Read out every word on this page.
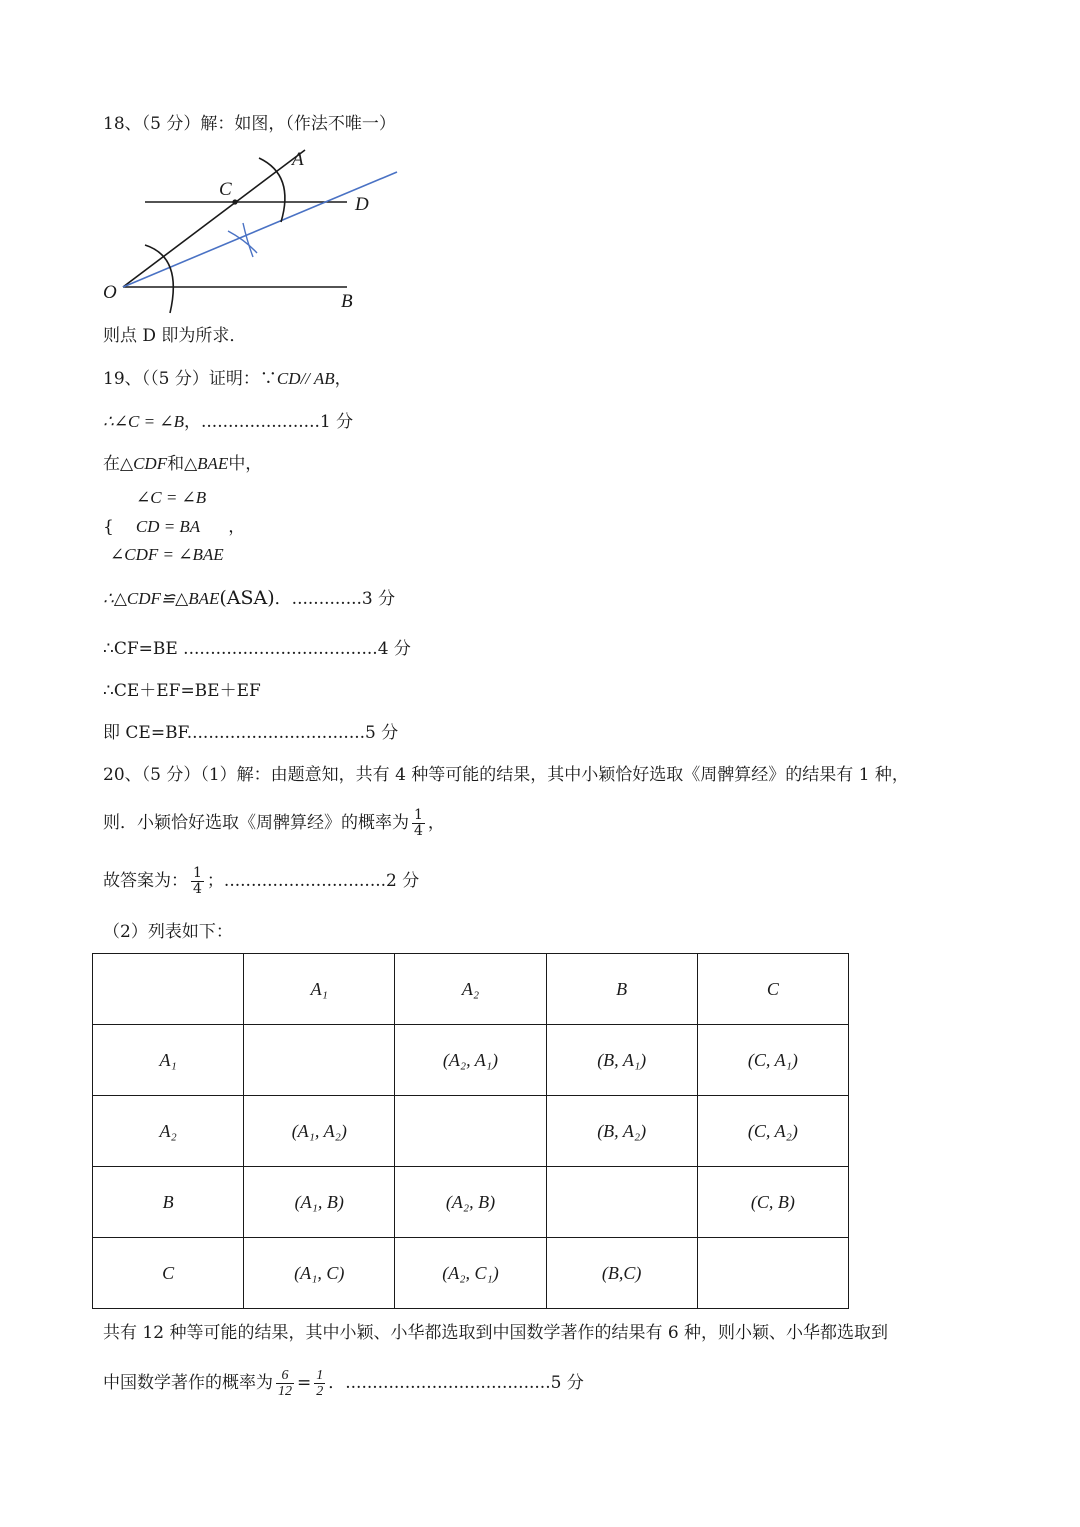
18、（5 分）解：如图，（作法不唯一）
A
C
D
O	B
则点 D 即为所求．
19、（（5 分）证明：∵CD// AB，
∴∠C = ∠B，......................1 分
在△CDF和△BAE中，
∠C = ∠B
{ CD = BA ，
∠CDF = ∠BAE
∴△CDF≌△BAE(ASA)．.............3 分
∴CF=BE ....................................4 分
∴CE＋EF=BE＋EF
即 CE=BF.................................5 分
20、（5 分）（1）解：由题意知，共有 4 种等可能的结果，其中小颖恰好选取《周髀算经》的结果有 1 种，
则．小颖恰好选取《周髀算经》的概率为 $\frac{1}{4}$ ，
故答案为： $\frac{1}{4}$ ；..............................2 分
（2）列表如下：
	A₁	A₂	B	C
A₁		(A₂, A₁)	(B, A₁)	(C, A₁)
A₂	(A₁, A₂)		(B, A₂)	(C, A₂)
B	(A₁, B)	(A₂, B)		(C, B)
C	(A₁, C)	(A₂, C₁)	(B,C)	
共有 12 种等可能的结果，其中小颖、小华都选取到中国数学著作的结果有 6 种，则小颖、小华都选取到
中国数学著作的概率为 $\frac{6}{12} = \frac{1}{2}$ ．......................................5 分
